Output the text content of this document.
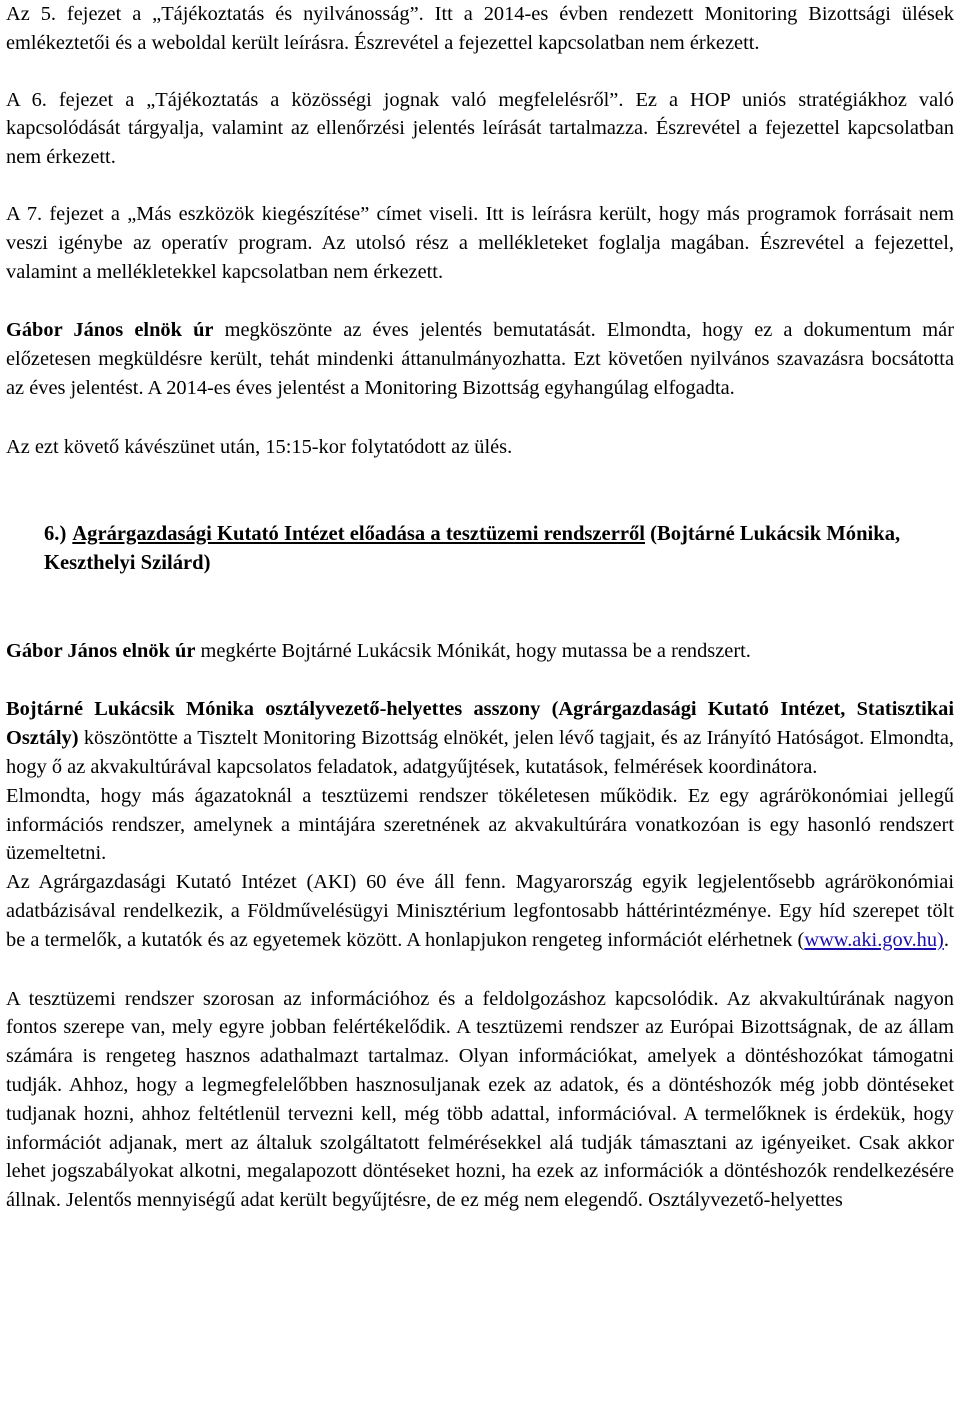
Az 5. fejezet a „Tájékoztatás és nyilvánosság”. Itt a 2014-es évben rendezett Monitoring Bizottsági ülések emlékeztetői és a weboldal került leírásra. Észrevétel a fejezettel kapcsolatban nem érkezett.

A 6. fejezet a „Tájékoztatás a közösségi jognak való megfelelésről”. Ez a HOP uniós stratégiákhoz való kapcsolódását tárgyalja, valamint az ellenőrzési jelentés leírását tartalmazza. Észrevétel a fejezettel kapcsolatban nem érkezett.

A 7. fejezet a „Más eszközök kiegészítése” címet viseli. Itt is leírásra került, hogy más programok forrásait nem veszi igénybe az operatív program. Az utolsó rész a mellékleteket foglalja magában. Észrevétel a fejezettel, valamint a mellékletekkel kapcsolatban nem érkezett.

Gábor János elnök úr megköszönte az éves jelentés bemutatását. Elmondta, hogy ez a dokumentum már előzetesen megküldésre került, tehát mindenki áttanulmányozhatta. Ezt követően nyilvános szavazásra bocsátotta az éves jelentést. A 2014-es éves jelentést a Monitoring Bizottság egyhangúlag elfogadta.

Az ezt követő kávészünet után, 15:15-kor folytatódott az ülés.

6.) Agrárgazdasági Kutató Intézet előadása a tesztüzemi rendszerről (Bojtárné Lukácsik Mónika, Keszthelyi Szilárd)

Gábor János elnök úr megkérte Bojtárné Lukácsik Mónikát, hogy mutassa be a rendszert.

Bojtárné Lukácsik Mónika osztályvezető-helyettes asszony (Agrárgazdasági Kutató Intézet, Statisztikai Osztály) köszöntötte a Tisztelt Monitoring Bizottság elnökét, jelen lévő tagjait, és az Irányító Hatóságot. Elmondta, hogy ő az akvakultúrával kapcsolatos feladatok, adatgyűjtések, kutatások, felmérések koordinátora.

Elmondta, hogy más ágazatoknál a tesztüzemi rendszer tökéletesen működik. Ez egy agrárökonómiai jellegű információs rendszer, amelynek a mintájára szeretnének az akvakultúrára vonatkozóan is egy hasonló rendszert üzemeltetni.

Az Agrárgazdasági Kutató Intézet (AKI) 60 éve áll fenn. Magyarország egyik legjelentősebb agrárökonómiai adatbázisával rendelkezik, a Földművelésügyi Minisztérium legfontosabb háttérintézménye. Egy híd szerepet tölt be a termelők, a kutatók és az egyetemek között. A honlapjukon rengeteg információt elérhetnek (www.aki.gov.hu).

A tesztüzemi rendszer szorosan az információhoz és a feldolgozáshoz kapcsolódik. Az akvakultúrának nagyon fontos szerepe van, mely egyre jobban felértékelődik. A tesztüzemi rendszer az Európai Bizottságnak, de az állam számára is rengeteg hasznos adathalmazt tartalmaz. Olyan információkat, amelyek a döntéshozókat támogatni tudják. Ahhoz, hogy a legmegfelelőbben hasznosuljanak ezek az adatok, és a döntéshozók még jobb döntéseket tudjanak hozni, ahhoz feltétlenül tervezni kell, még több adattal, információval. A termelőknek is érdekük, hogy információt adjanak, mert az általuk szolgáltatott felmérésekkel alá tudják támasztani az igényeiket. Csak akkor lehet jogszabályokat alkotni, megalapozott döntéseket hozni, ha ezek az információk a döntéshozók rendelkezésére állnak. Jelentős mennyiségű adat került begyűjtésre, de ez még nem elegendő. Osztályvezető-helyettes
